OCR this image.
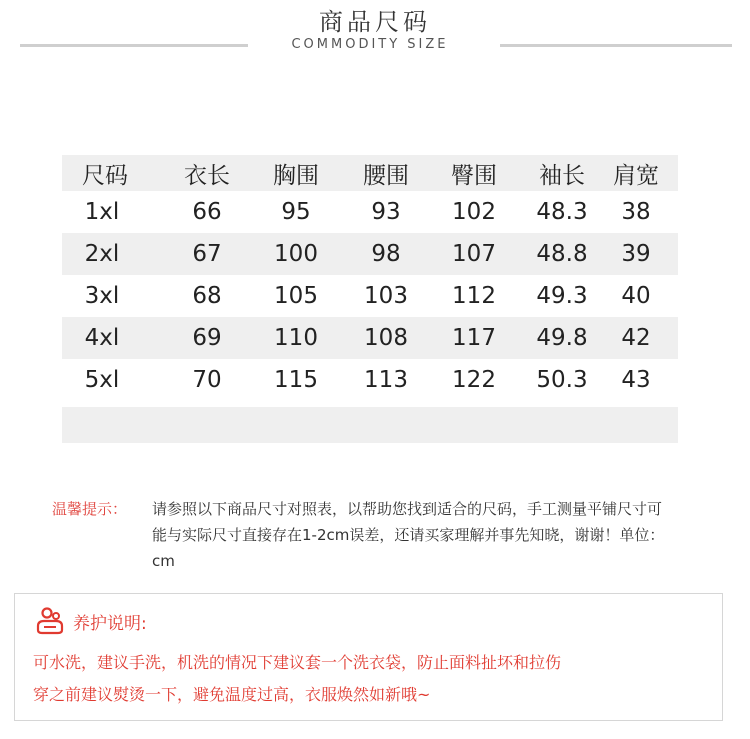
商品尺码
COMMODITY SIZE
尺码	衣长	胸围	腰围	臀围	袖长	肩宽
1xl	66	95	93	102	48.3	38
2xl	67	100	98	107	48.8	39
3xl	68	105	103	112	49.3	40
4xl	69	110	108	117	49.8	42
5xl	70	115	113	122	50.3	43
温馨提示： 请参照以下商品尺寸对照表，以帮助您找到适合的尺码，手工测量平铺尺寸可能与实际尺寸直接存在1-2cm误差，还请买家理解并事先知晓，谢谢！单位：cm
养护说明:
可水洗，建议手洗，机洗的情况下建议套一个洗衣袋，防止面料扯坏和拉伤
穿之前建议熨烫一下，避免温度过高，衣服焕然如新哦~
